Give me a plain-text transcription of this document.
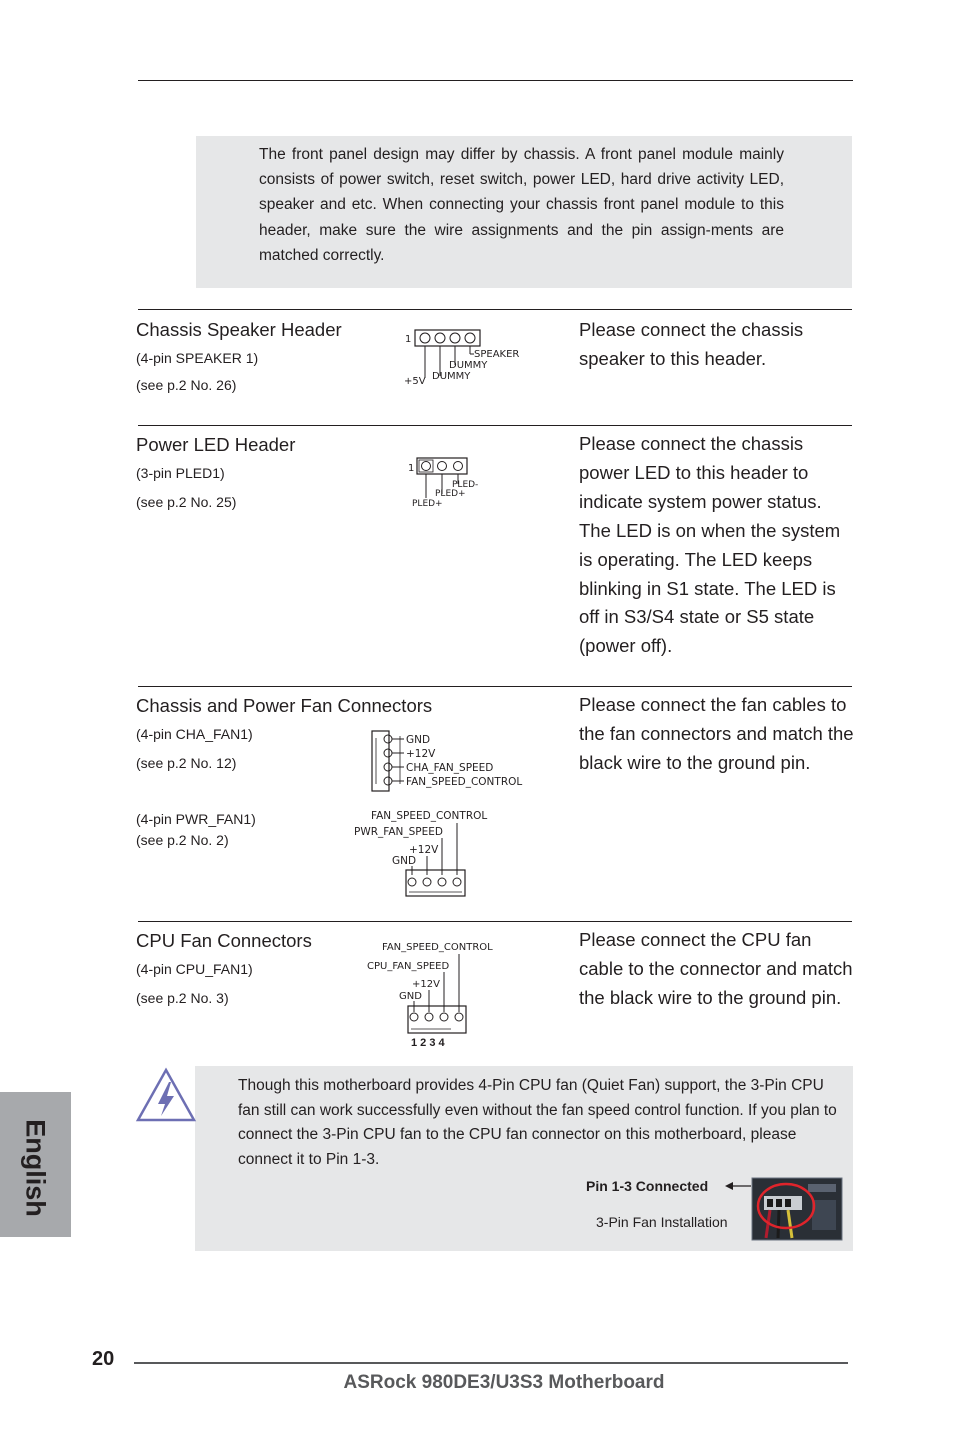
The front panel design may differ by chassis. A front panel module mainly consists of power switch, reset switch, power LED, hard drive activity LED, speaker and etc. When connecting your chassis front panel module to this header, make sure the wire assignments and the pin assign-ments are matched correctly.
Chassis Speaker Header
(4-pin SPEAKER 1)
(see p.2 No. 26)
Please connect the chassis speaker to this header.
1
SPEAKER
DUMMY
DUMMY
+5V
Power LED Header
(3-pin PLED1)
(see p.2 No. 25)
Please connect the chassis power LED to this header to indicate system power status. The LED is on when the system is operating. The LED keeps blinking in S1 state. The LED is off in S3/S4 state or S5 state (power off).
1
PLED-
PLED+
PLED+
Chassis and Power Fan Connectors
(4-pin CHA_FAN1)
(see p.2 No. 12)
(4-pin PWR_FAN1)
(see p.2 No. 2)
Please connect the fan cables to the fan connectors and match the black wire to the ground pin.
GND
+12V
CHA_FAN_SPEED
FAN_SPEED_CONTROL
FAN_SPEED_CONTROL
PWR_FAN_SPEED
+12V
GND
CPU Fan Connectors
(4-pin CPU_FAN1)
(see p.2 No. 3)
Please connect the CPU fan cable to the connector and match the black wire to the ground pin.
FAN_SPEED_CONTROL
CPU_FAN_SPEED
+12V
GND
1 2 3 4
Though this motherboard provides 4-Pin CPU fan (Quiet Fan) support, the 3-Pin CPU fan still can work successfully even without the fan speed control function. If you plan to connect the 3-Pin CPU fan to the CPU fan connector on this motherboard, please connect it to Pin 1-3.
Pin 1-3 Connected
3-Pin Fan Installation
English
20
ASRock 980DE3/U3S3 Motherboard
